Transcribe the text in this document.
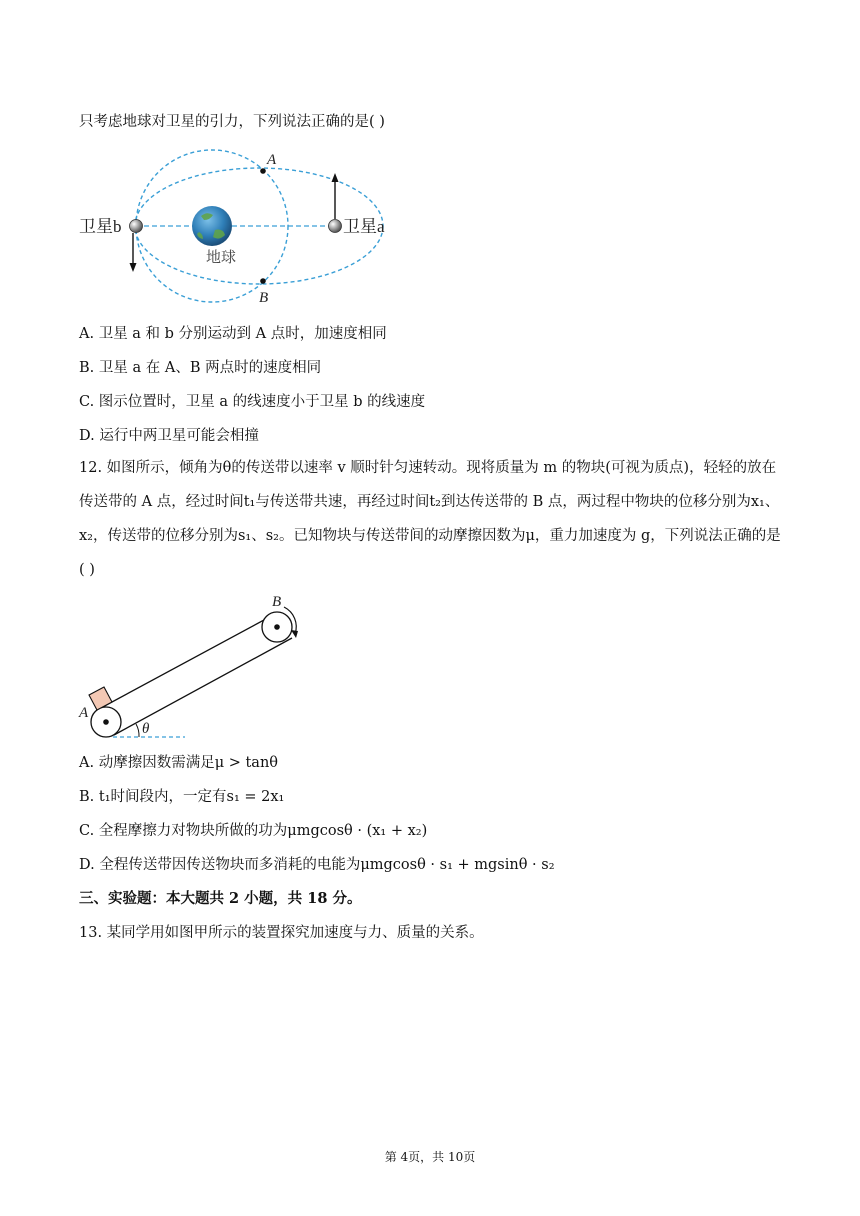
只考虑地球对卫星的引力，下列说法正确的是( )
地球
卫星b	卫星a
A
B
A. 卫星 a 和 b 分别运动到 A 点时，加速度相同
B. 卫星 a 在 A、B 两点时的速度相同
C. 图示位置时，卫星 a 的线速度小于卫星 b 的线速度
D. 运行中两卫星可能会相撞
12. 如图所示，倾角为θ的传送带以速率 v 顺时针匀速转动。现将质量为 m 的物块(可视为质点)，轻轻的放在传送带的 A 点，经过时间t₁与传送带共速，再经过时间t₂到达传送带的 B 点，两过程中物块的位移分别为x₁、x₂，传送带的位移分别为s₁、s₂。已知物块与传送带间的动摩擦因数为μ，重力加速度为 g，下列说法正确的是( )
θ
A
B
A. 动摩擦因数需满足μ > tanθ
B. t₁时间段内，一定有s₁ = 2x₁
C. 全程摩擦力对物块所做的功为μmgcosθ · (x₁ + x₂)
D. 全程传送带因传送物块而多消耗的电能为μmgcosθ · s₁ + mgsinθ · s₂
三、实验题：本大题共 2 小题，共 18 分。
13. 某同学用如图甲所示的装置探究加速度与力、质量的关系。
第 4页，共 10页
